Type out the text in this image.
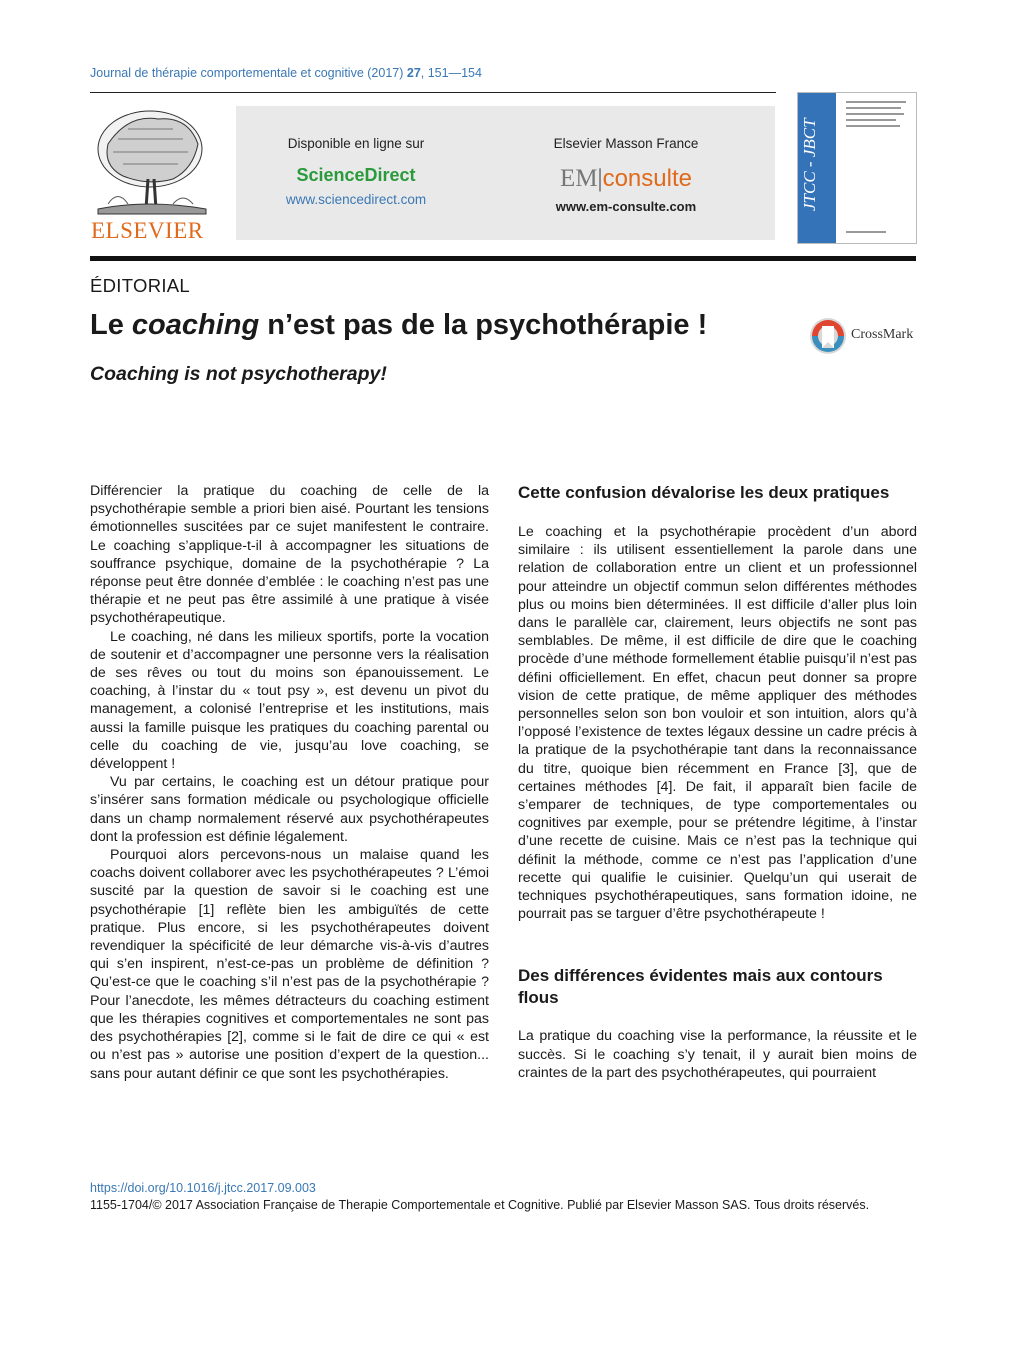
Journal de thérapie comportementale et cognitive (2017) 27, 151—154
ELSEVIER
Disponible en ligne sur
ScienceDirect
www.sciencedirect.com
Elsevier Masson France
EM|consulte
www.em-consulte.com	JTCC - JBCT
ÉDITORIAL
Le coaching n’est pas de la psychothérapie !	CrossMark
Coaching is not psychotherapy!

Différencier la pratique du coaching de celle de la psychothérapie semble a priori bien aisé. Pourtant les tensions émotionnelles suscitées par ce sujet manifestent le contraire. Le coaching s’applique-t-il à accompagner les situations de souffrance psychique, domaine de la psychothérapie ? La réponse peut être donnée d’emblée : le coaching n’est pas une thérapie et ne peut pas être assimilé à une pratique à visée psychothérapeutique.

Le coaching, né dans les milieux sportifs, porte la vocation de soutenir et d’accompagner une personne vers la réalisation de ses rêves ou tout du moins son épanouissement. Le coaching, à l’instar du « tout psy », est devenu un pivot du management, a colonisé l’entreprise et les institutions, mais aussi la famille puisque les pratiques du coaching parental ou celle du coaching de vie, jusqu’au love coaching, se développent !

Vu par certains, le coaching est un détour pratique pour s’insérer sans formation médicale ou psychologique officielle dans un champ normalement réservé aux psychothérapeutes dont la profession est définie légalement.

Pourquoi alors percevons-nous un malaise quand les coachs doivent collaborer avec les psychothérapeutes ? L’émoi suscité par la question de savoir si le coaching est une psychothérapie [1] reflète bien les ambiguïtés de cette pratique. Plus encore, si les psychothérapeutes doivent revendiquer la spécificité de leur démarche vis-à-vis d’autres qui s’en inspirent, n’est-ce-pas un problème de définition ? Qu’est-ce que le coaching s’il n’est pas de la psychothérapie ? Pour l’anecdote, les mêmes détracteurs du coaching estiment que les thérapies cognitives et comportementales ne sont pas des psychothérapies [2], comme si le fait de dire ce qui « est ou n’est pas » autorise une position d’expert de la question... sans pour autant définir ce que sont les psychothérapies.

Cette confusion dévalorise les deux pratiques

Le coaching et la psychothérapie procèdent d’un abord similaire : ils utilisent essentiellement la parole dans une relation de collaboration entre un client et un professionnel pour atteindre un objectif commun selon différentes méthodes plus ou moins bien déterminées. Il est difficile d’aller plus loin dans le parallèle car, clairement, leurs objectifs ne sont pas semblables. De même, il est difficile de dire que le coaching procède d’une méthode formellement établie puisqu’il n’est pas défini officiellement. En effet, chacun peut donner sa propre vision de cette pratique, de même appliquer des méthodes personnelles selon son bon vouloir et son intuition, alors qu’à l’opposé l’existence de textes légaux dessine un cadre précis à la pratique de la psychothérapie tant dans la reconnaissance du titre, quoique bien récemment en France [3], que de certaines méthodes [4]. De fait, il apparaît bien facile de s’emparer de techniques, de type comportementales ou cognitives par exemple, pour se prétendre légitime, à l’instar d’une recette de cuisine. Mais ce n’est pas la technique qui définit la méthode, comme ce n’est pas l’application d’une recette qui qualifie le cuisinier. Quelqu’un qui userait de techniques psychothérapeutiques, sans formation idoine, ne pourrait pas se targuer d’être psychothérapeute !

Des différences évidentes mais aux contours flous

La pratique du coaching vise la performance, la réussite et le succès. Si le coaching s’y tenait, il y aurait bien moins de craintes de la part des psychothérapeutes, qui pourraient

https://doi.org/10.1016/j.jtcc.2017.09.003
1155-1704/© 2017 Association Française de Therapie Comportementale et Cognitive. Publié par Elsevier Masson SAS. Tous droits réservés.
